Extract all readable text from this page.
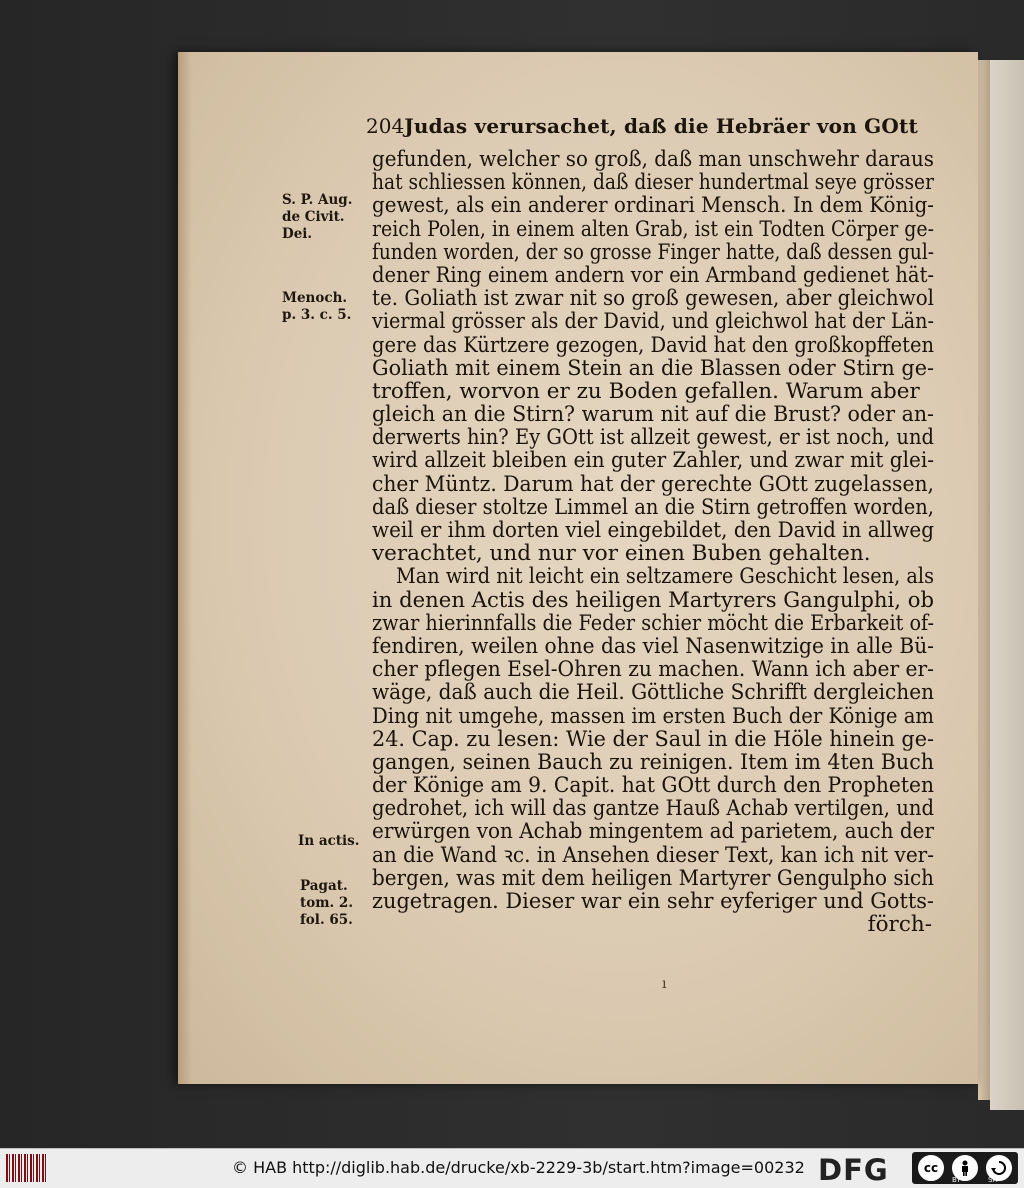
204 Judas verursachet, daß die Hebräer von GOtt
S. P. Aug.
de Civit.
Dei.
Menoch.
p. 3. c. 5.
In actis.
Pagat.
tom. 2.
fol. 65.
gefunden, welcher so groß, daß man unschwehr daraus
hat schliessen können, daß dieser hundertmal seye grösser
gewest, als ein anderer ordinari Mensch. In dem König-
reich Polen, in einem alten Grab, ist ein Todten Cörper ge-
funden worden, der so grosse Finger hatte, daß dessen gul-
dener Ring einem andern vor ein Armband gedienet hät-
te. Goliath ist zwar nit so groß gewesen, aber gleichwol
viermal grösser als der David, und gleichwol hat der Län-
gere das Kürtzere gezogen, David hat den großkopffeten
Goliath mit einem Stein an die Blassen oder Stirn ge-
troffen, worvon er zu Boden gefallen. Warum aber
gleich an die Stirn? warum nit auf die Brust? oder an-
derwerts hin? Ey GOtt ist allzeit gewest, er ist noch, und
wird allzeit bleiben ein guter Zahler, und zwar mit glei-
cher Müntz. Darum hat der gerechte GOtt zugelassen,
daß dieser stoltze Limmel an die Stirn getroffen worden,
weil er ihm dorten viel eingebildet, den David in allweg
verachtet, und nur vor einen Buben gehalten.
Man wird nit leicht ein seltzamere Geschicht lesen, als
in denen Actis des heiligen Martyrers Gangulphi, ob
zwar hierinnfalls die Feder schier möcht die Erbarkeit of-
fendiren, weilen ohne das viel Nasenwitzige in alle Bü-
cher pflegen Esel-Ohren zu machen. Wann ich aber er-
wäge, daß auch die Heil. Göttliche Schrifft dergleichen
Ding nit umgehe, massen im ersten Buch der Könige am
24. Cap. zu lesen: Wie der Saul in die Höle hinein ge-
gangen, seinen Bauch zu reinigen. Item im 4ten Buch
der Könige am 9. Capit. hat GOtt durch den Propheten
gedrohet, ich will das gantze Hauß Achab vertilgen, und
erwürgen von Achab mingentem ad parietem, auch der
an die Wand ꝛc. in Ansehen dieser Text, kan ich nit ver-
bergen, was mit dem heiligen Martyrer Gengulpho sich
zugetragen. Dieser war ein sehr eyferiger und Gotts-
förch-
ı
© HAB http://diglib.hab.de/drucke/xb-2229-3b/start.htm?image=00232 DFG	cc
BY	SA
